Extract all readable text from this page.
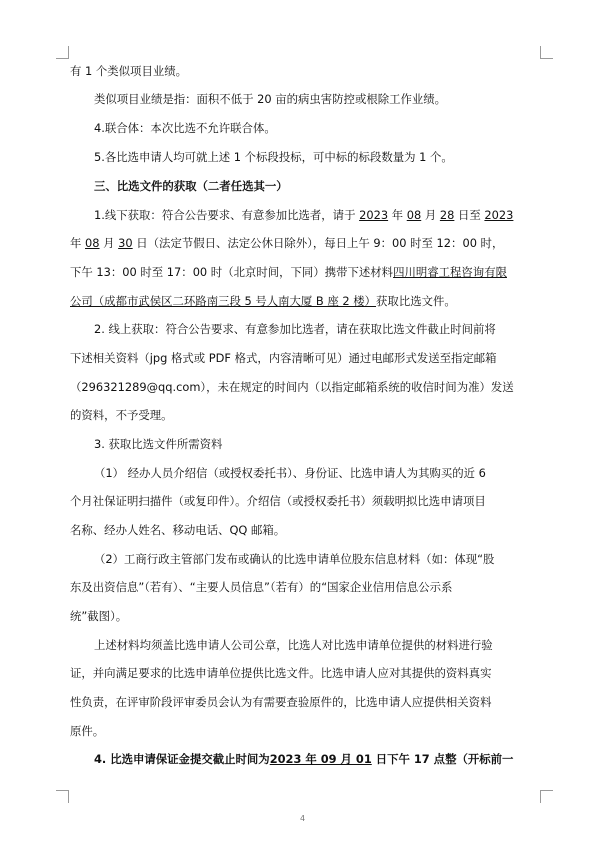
有 1 个类似项目业绩。
类似项目业绩是指：面积不低于 20 亩的病虫害防控或根除工作业绩。
4.联合体：本次比选不允许联合体。
5.各比选申请人均可就上述 1 个标段投标，可中标的标段数量为 1 个。
三、比选文件的获取（二者任选其一）
1.线下获取：符合公告要求、有意参加比选者，请于 2023 年 08 月 28 日至 2023
年 08 月 30 日（法定节假日、法定公休日除外），每日上午 9：00 时至 12：00 时，
下午 13：00 时至 17：00 时（北京时间，下同）携带下述材料四川明睿工程咨询有限
公司（成都市武侯区二环路南三段 5 号人南大厦 B 座 2 楼）获取比选文件。
2. 线上获取：符合公告要求、有意参加比选者，请在获取比选文件截止时间前将
下述相关资料（jpg 格式或 PDF 格式，内容清晰可见）通过电邮形式发送至指定邮箱
（296321289@qq.com），未在规定的时间内（以指定邮箱系统的收信时间为准）发送
的资料，不予受理。
3. 获取比选文件所需资料
（1） 经办人员介绍信（或授权委托书）、身份证、比选申请人为其购买的近 6
个月社保证明扫描件（或复印件）。介绍信（或授权委托书）须载明拟比选申请项目
名称、经办人姓名、移动电话、QQ 邮箱。
（2）工商行政主管部门发布或确认的比选申请单位股东信息材料（如：体现“股
东及出资信息”（若有）、“主要人员信息”（若有）的“国家企业信用信息公示系
统”截图）。
上述材料均须盖比选申请人公司公章，比选人对比选申请单位提供的材料进行验
证，并向满足要求的比选申请单位提供比选文件。比选申请人应对其提供的资料真实
性负责，在评审阶段评审委员会认为有需要查验原件的，比选申请人应提供相关资料
原件。
4. 比选申请保证金提交截止时间为2023 年 09 月 01 日下午 17 点整（开标前一
4
